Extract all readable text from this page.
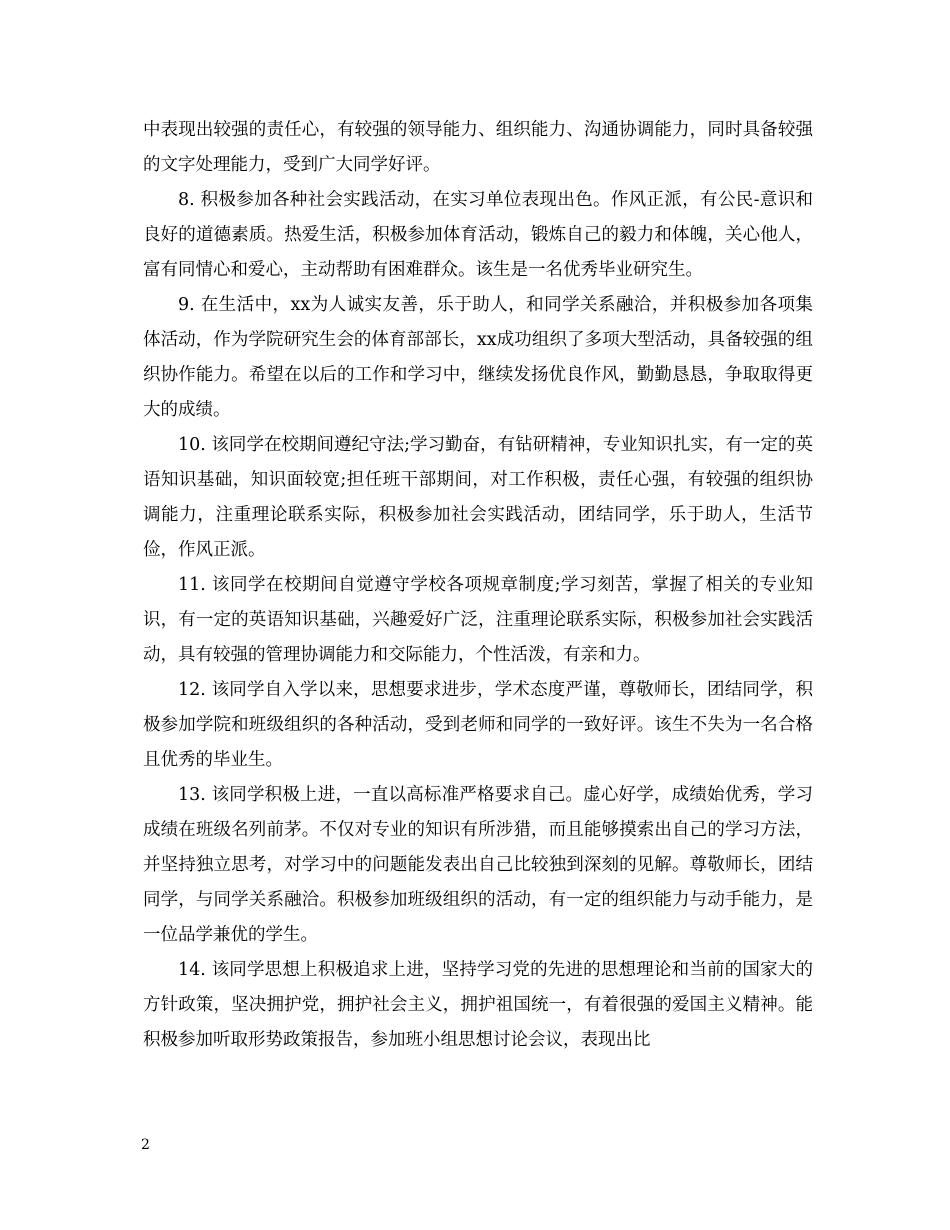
中表现出较强的责任心，有较强的领导能力、组织能力、沟通协调能力，同时具备较强的文字处理能力，受到广大同学好评。

8. 积极参加各种社会实践活动，在实习单位表现出色。作风正派，有公民-意识和良好的道德素质。热爱生活，积极参加体育活动，锻炼自己的毅力和体魄，关心他人，富有同情心和爱心，主动帮助有困难群众。该生是一名优秀毕业研究生。

9. 在生活中，xx为人诚实友善，乐于助人，和同学关系融洽，并积极参加各项集体活动，作为学院研究生会的体育部部长，xx成功组织了多项大型活动，具备较强的组织协作能力。希望在以后的工作和学习中，继续发扬优良作风，勤勤恳恳，争取取得更大的成绩。

10. 该同学在校期间遵纪守法;学习勤奋，有钻研精神，专业知识扎实，有一定的英语知识基础，知识面较宽;担任班干部期间，对工作积极，责任心强，有较强的组织协调能力，注重理论联系实际，积极参加社会实践活动，团结同学，乐于助人，生活节俭，作风正派。

11. 该同学在校期间自觉遵守学校各项规章制度;学习刻苦，掌握了相关的专业知识，有一定的英语知识基础，兴趣爱好广泛，注重理论联系实际，积极参加社会实践活动，具有较强的管理协调能力和交际能力，个性活泼，有亲和力。

12. 该同学自入学以来，思想要求进步，学术态度严谨，尊敬师长，团结同学，积极参加学院和班级组织的各种活动，受到老师和同学的一致好评。该生不失为一名合格且优秀的毕业生。

13. 该同学积极上进，一直以高标准严格要求自己。虚心好学，成绩始优秀，学习成绩在班级名列前茅。不仅对专业的知识有所涉猎，而且能够摸索出自己的学习方法，并坚持独立思考，对学习中的问题能发表出自己比较独到深刻的见解。尊敬师长，团结同学，与同学关系融洽。积极参加班级组织的活动，有一定的组织能力与动手能力，是一位品学兼优的学生。

14. 该同学思想上积极追求上进，坚持学习党的先进的思想理论和当前的国家大的方针政策，坚决拥护党，拥护社会主义，拥护祖国统一，有着很强的爱国主义精神。能积极参加听取形势政策报告，参加班小组思想讨论会议，表现出比

2
